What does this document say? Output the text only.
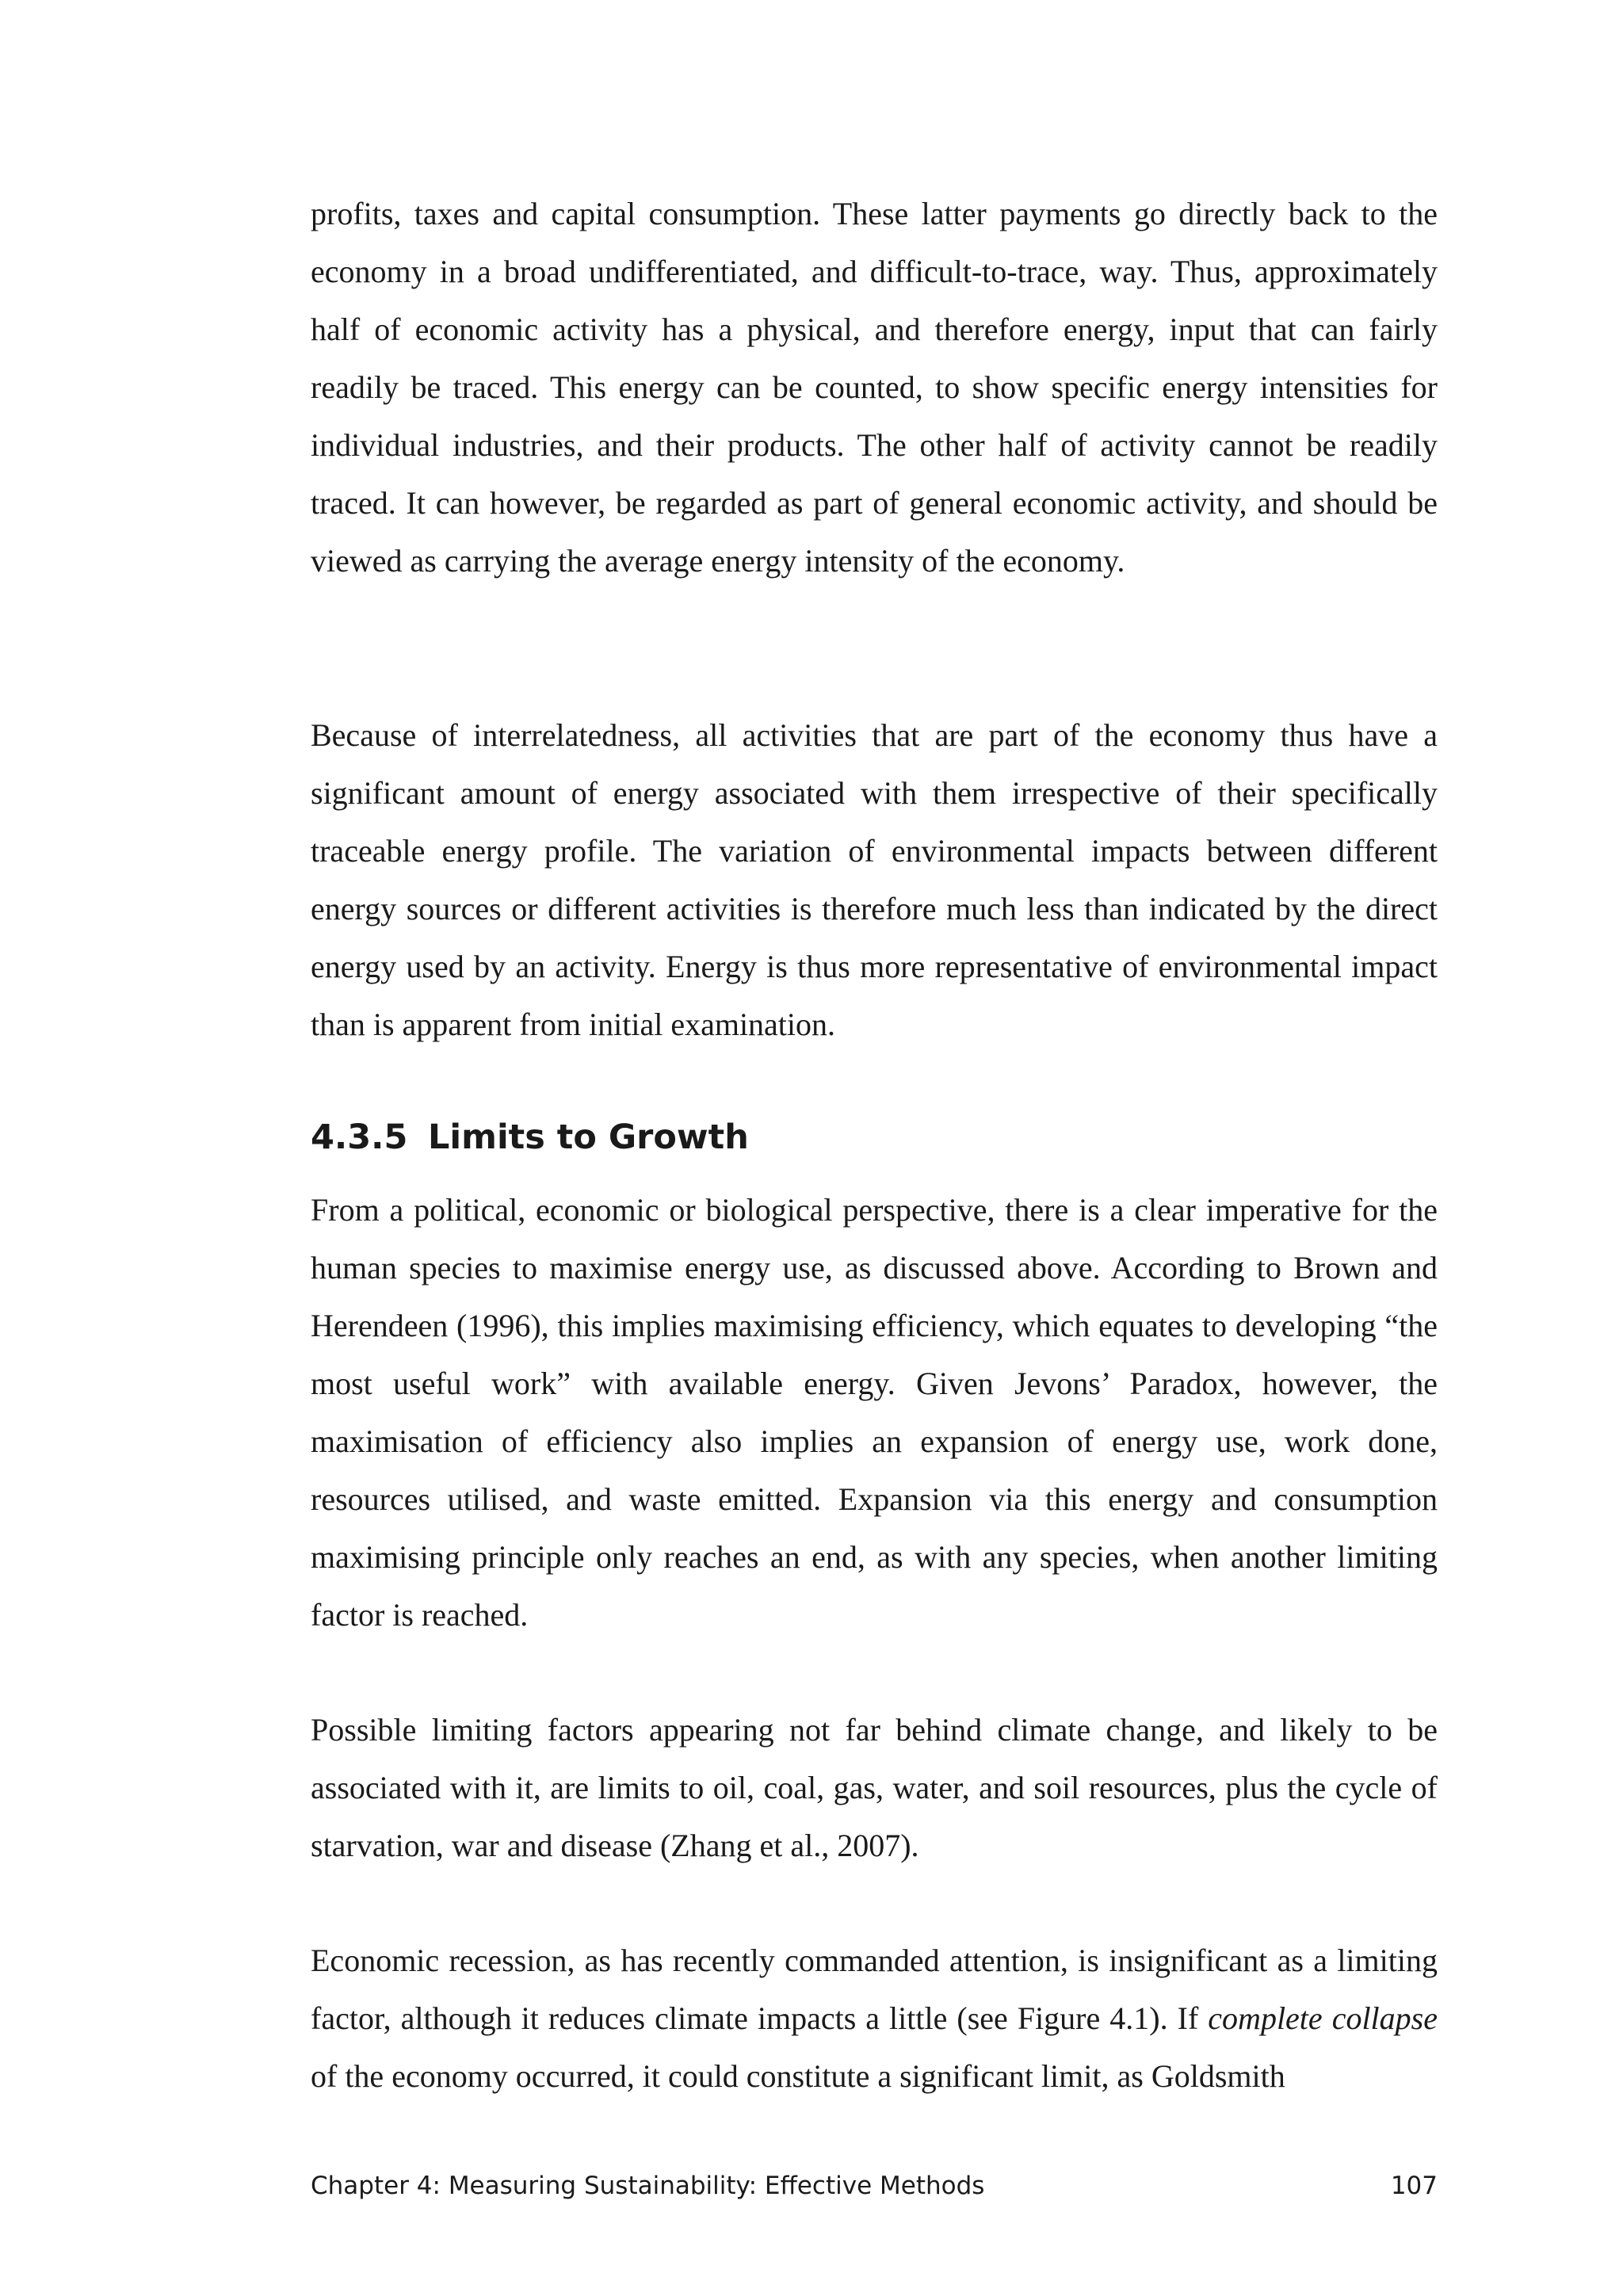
profits, taxes and capital consumption. These latter payments go directly back to the economy in a broad undifferentiated, and difficult-to-trace, way. Thus, approximately half of economic activity has a physical, and therefore energy, input that can fairly readily be traced. This energy can be counted, to show specific energy intensities for individual industries, and their products. The other half of activity cannot be readily traced. It can however, be regarded as part of general economic activity, and should be viewed as carrying the average energy intensity of the economy.

Because of interrelatedness, all activities that are part of the economy thus have a significant amount of energy associated with them irrespective of their specifically traceable energy profile. The variation of environmental impacts between different energy sources or different activities is therefore much less than indicated by the direct energy used by an activity. Energy is thus more representative of environmental impact than is apparent from initial examination.

4.3.5 Limits to Growth

From a political, economic or biological perspective, there is a clear imperative for the human species to maximise energy use, as discussed above. According to Brown and Herendeen (1996), this implies maximising efficiency, which equates to developing “the most useful work” with available energy. Given Jevons’ Paradox, however, the maximisation of efficiency also implies an expansion of energy use, work done, resources utilised, and waste emitted. Expansion via this energy and consumption maximising principle only reaches an end, as with any species, when another limiting factor is reached.

Possible limiting factors appearing not far behind climate change, and likely to be associated with it, are limits to oil, coal, gas, water, and soil resources, plus the cycle of starvation, war and disease (Zhang et al., 2007).

Economic recession, as has recently commanded attention, is insignificant as a limiting factor, although it reduces climate impacts a little (see Figure 4.1). If complete collapse of the economy occurred, it could constitute a significant limit, as Goldsmith

Chapter 4: Measuring Sustainability: Effective Methods	107
